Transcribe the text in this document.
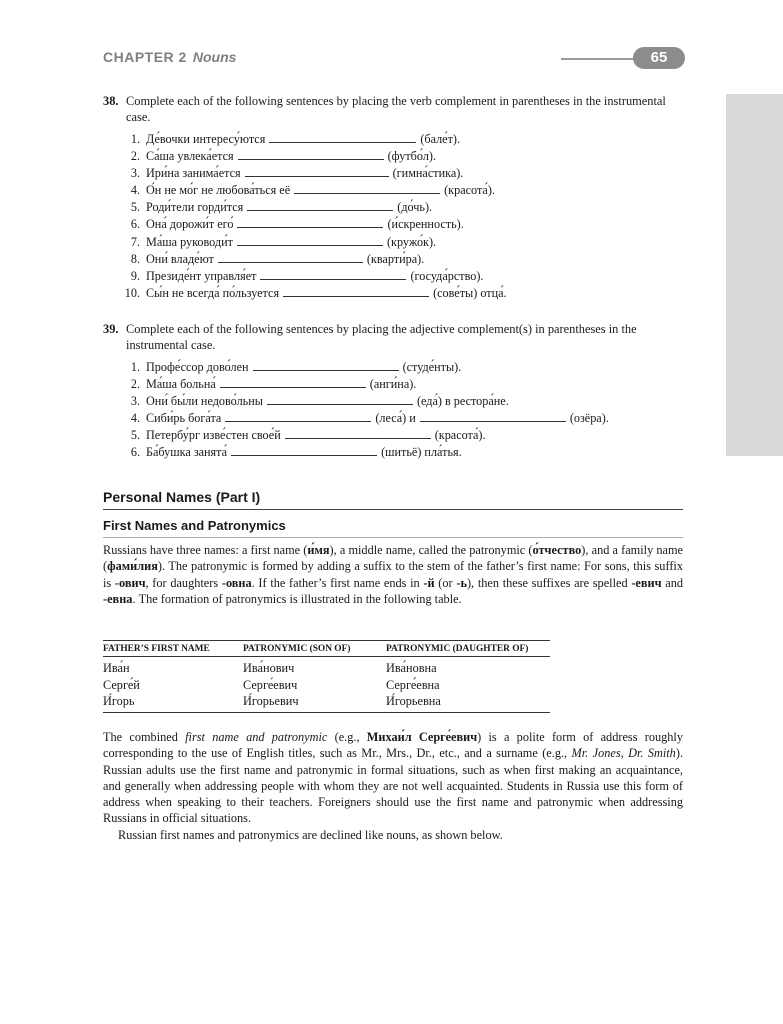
CHAPTER 2 Nouns	65
38. Complete each of the following sentences by placing the verb complement in parentheses in the instrumental case.
1. Де́вочки интересу́ются	(бале́т).
2. Са́ша увлека́ется	(футбо́л).
3. Ири́на занима́ется	(гимна́стика).
4. О́н не мо́г не любова́ться её	(красота́).
5. Роди́тели горди́тся	(до́чь).
6. Она́ дорожи́т его́	(и́скренность).
7. Ма́ша руководи́т	(кружо́к).
8. Они́ владе́ют	(кварти́ра).
9. Президе́нт управля́ет	(госуда́рство).
10. Сы́н не всегда́ по́льзуется	(сове́ты) отца́.
39. Complete each of the following sentences by placing the adjective complement(s) in parentheses in the instrumental case.
1. Профе́ссор дово́лен	(студе́нты).
2. Ма́ша больна́	(анги́на).
3. Они́ бы́ли недово́льны	(еда́) в рестора́не.
4. Сиби́рь бога́та	(леса́) и	(озёра).
5. Петербу́рг изве́стен свое́й	(красота́).
6. Ба́бушка занята́	(шитьё) пла́тья.
Personal Names (Part I)
First Names and Patronymics

Russians have three names: a first name (и́мя), a middle name, called the patronymic (о́тчество), and a family name (фами́лия). The patronymic is formed by adding a suffix to the stem of the father’s first name: For sons, this suffix is -ович, for daughters -овна. If the father’s first name ends in -й (or -ь), then these suffixes are spelled -евич and -евна. The formation of patronymics is illustrated in the following table.

FATHER’S FIRST NAME	PATRONYMIC (SON OF)	PATRONYMIC (DAUGHTER OF)
Ива́н	Ива́нович	Ива́новна
Серге́й	Серге́евич	Серге́евна
И́горь	И́горьевич	И́горьевна

The combined first name and patronymic (e.g., Михаи́л Серге́евич) is a polite form of address roughly corresponding to the use of English titles, such as Mr., Mrs., Dr., etc., and a surname (e.g., Mr. Jones, Dr. Smith). Russian adults use the first name and patronymic in formal situations, such as when first making an acquaintance, and generally when addressing people with whom they are not well acquainted. Students in Russia use this form of address when speaking to their teachers. Foreigners should use the first name and patronymic when addressing Russians in official situations.

Russian first names and patronymics are declined like nouns, as shown below.
